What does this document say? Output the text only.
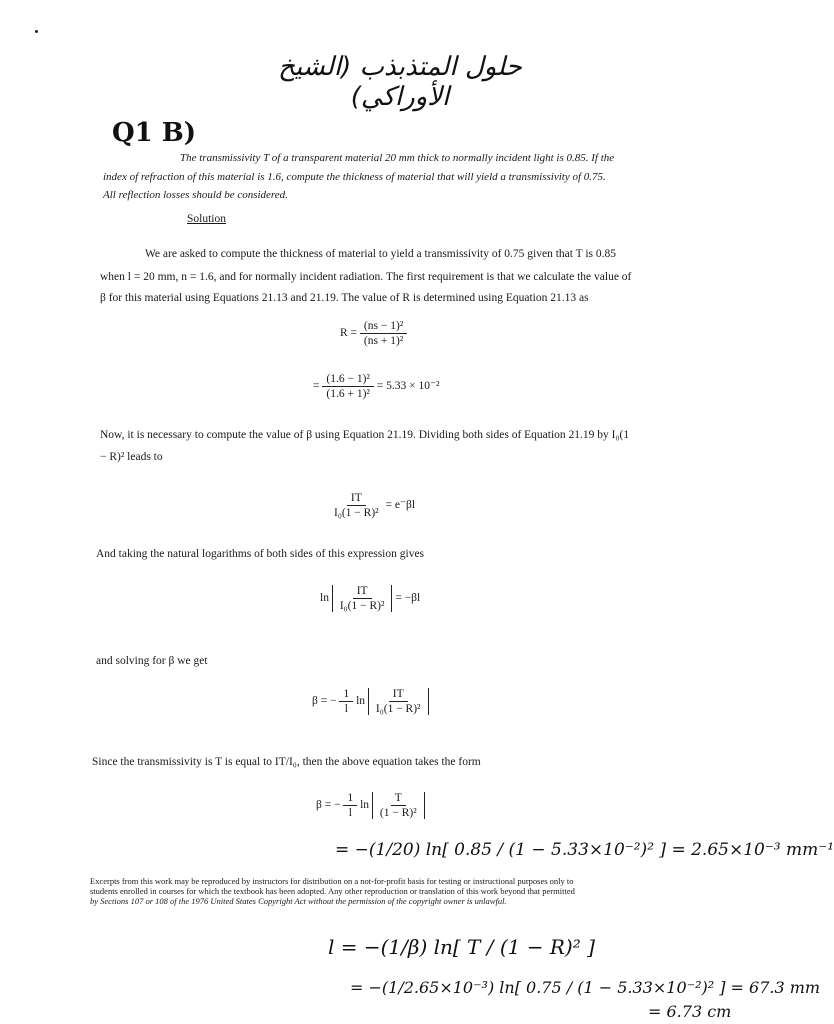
حلول المتذبذب (الشيخ الأوراكي)
Q1 B)
The transmissivity T of a transparent material 20 mm thick to normally incident light is 0.85. If the
index of refraction of this material is 1.6, compute the thickness of material that will yield a transmissivity of 0.75.
All reflection losses should be considered.
Solution
We are asked to compute the thickness of material to yield a transmissivity of 0.75 given that T is 0.85
when l = 20 mm, n = 1.6, and for normally incident radiation. The first requirement is that we calculate the value of
β for this material using Equations 21.13 and 21.19. The value of R is determined using Equation 21.13 as
$R = \frac{\text{(ns − 1)²}}{\text{(ns + 1)²}}$
= $\frac{\text{(1.6 − 1)²}}{\text{(1.6 + 1)²}} = 5.33 \times 10^{-2}$
Now, it is necessary to compute the value of β using Equation 21.19. Dividing both sides of Equation 21.19 by I₀(1
− R)² leads to
$\frac{IT}{\text{I₀(1 − R)²}} = e^-\beta l$
And taking the natural logarithms of both sides of this expression gives
$\ln \frac{IT}{\text{I₀(1 − R)²}} = -\beta l$
and solving for β we get
β = − $\frac{1}{l}$ $\ln \frac{IT}{\text{I₀(1 − R)²}}$
Since the transmissivity is T is equal to IT/I₀, then the above equation takes the form
β = − $\frac{1}{l}$ $\ln \frac{T}{\text{(1 − R)²}}$
= −(1/20) ln[ 0.85 / (1 − 5.33×10⁻²)² ] = 2.65×10⁻³ mm⁻¹
Excerpts from this work may be reproduced by instructors for distribution on a not-for-profit basis for testing or instructional purposes only to
students enrolled in courses for which the textbook has been adopted. Any other reproduction or translation of this work beyond that permitted
by Sections 107 or 108 of the 1976 United States Copyright Act without the permission of the copyright owner is unlawful.
l = −(1/β) ln[ T / (1 − R)² ]
= −(1/2.65×10⁻³) ln[ 0.75 / (1 − 5.33×10⁻²)² ] = 67.3 mm
= 6.73 cm
